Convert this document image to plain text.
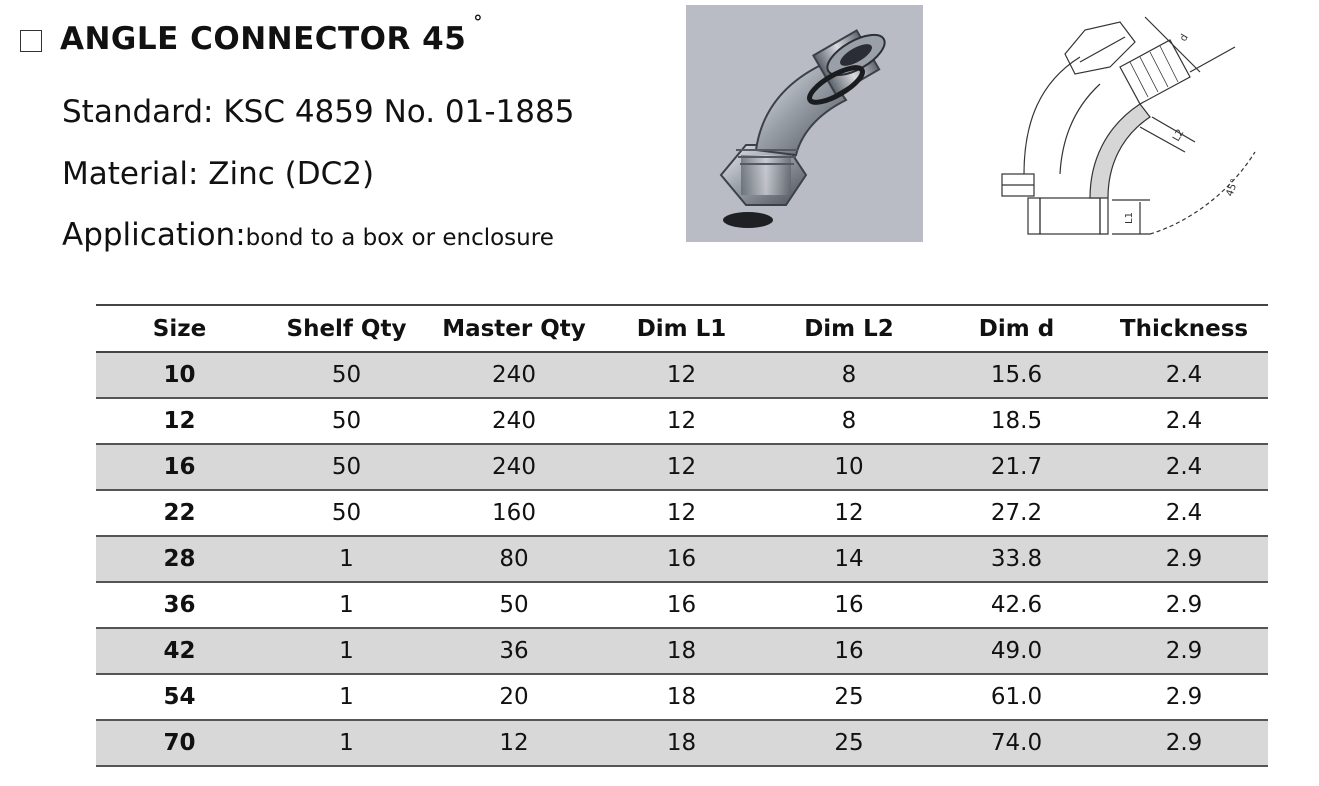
ANGLE CONNECTOR 45 ˚
Standard: KSC 4859 No. 01-1885
Material: Zinc (DC2)
Application:bond to a box or enclosure
L1
L2
d
45°
Size	Shelf Qty	Master Qty	Dim L1	Dim L2	Dim d	Thickness
10	50	240	12	8	15.6	2.4
12	50	240	12	8	18.5	2.4
16	50	240	12	10	21.7	2.4
22	50	160	12	12	27.2	2.4
28	1	80	16	14	33.8	2.9
36	1	50	16	16	42.6	2.9
42	1	36	18	16	49.0	2.9
54	1	20	18	25	61.0	2.9
70	1	12	18	25	74.0	2.9
